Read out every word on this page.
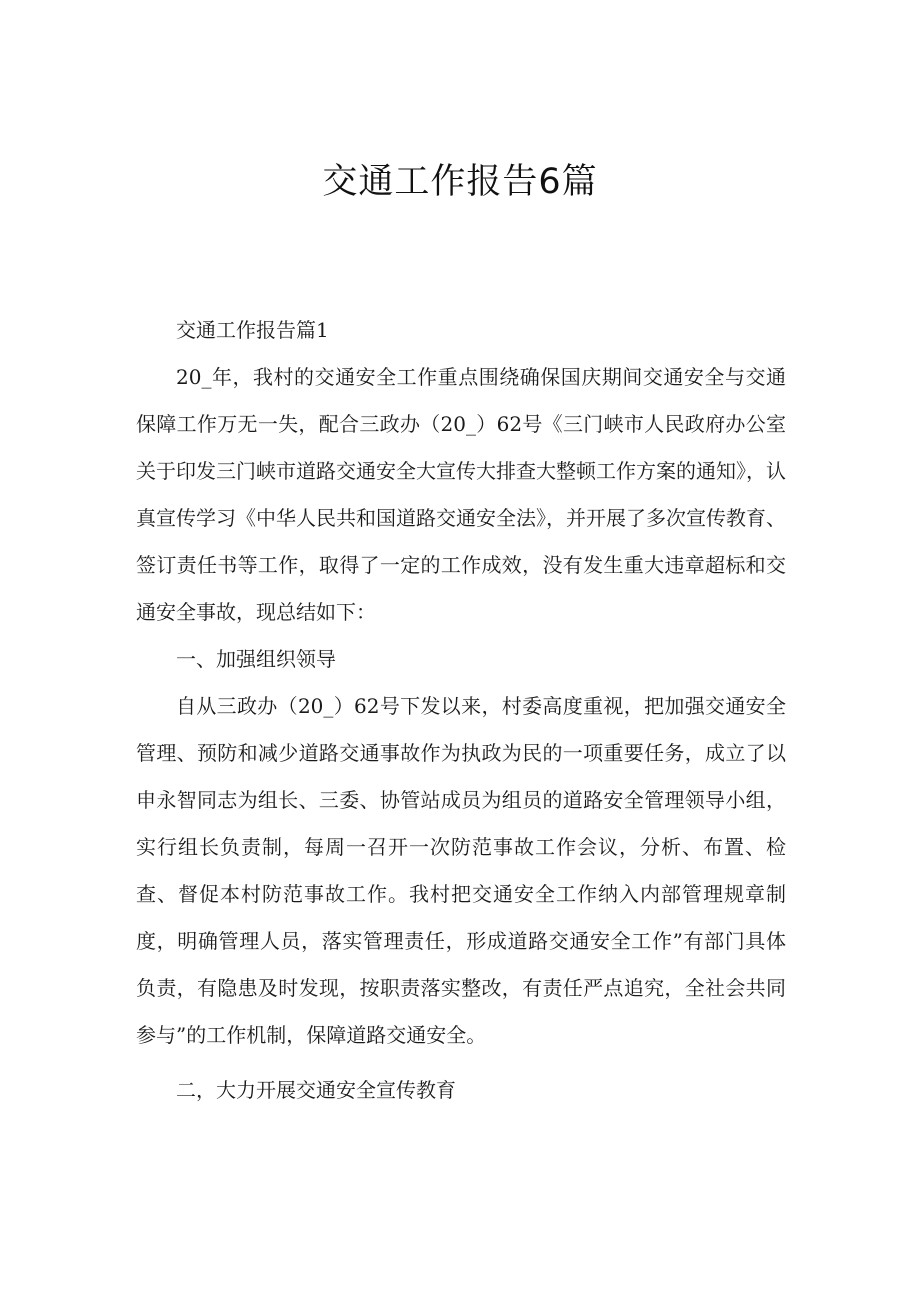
交通工作报告6篇

交通工作报告篇1

20_年，我村的交通安全工作重点围绕确保国庆期间交通安全与交通保障工作万无一失，配合三政办（20_）62号《三门峡市人民政府办公室关于印发三门峡市道路交通安全大宣传大排查大整顿工作方案的通知》，认真宣传学习《中华人民共和国道路交通安全法》，并开展了多次宣传教育、签订责任书等工作，取得了一定的工作成效，没有发生重大违章超标和交通安全事故，现总结如下：

一、加强组织领导

自从三政办（20_）62号下发以来，村委高度重视，把加强交通安全管理、预防和减少道路交通事故作为执政为民的一项重要任务，成立了以申永智同志为组长、三委、协管站成员为组员的道路安全管理领导小组，实行组长负责制，每周一召开一次防范事故工作会议，分析、布置、检查、督促本村防范事故工作。我村把交通安全工作纳入内部管理规章制度，明确管理人员，落实管理责任，形成道路交通安全工作”有部门具体负责，有隐患及时发现，按职责落实整改，有责任严点追究，全社会共同参与”的工作机制，保障道路交通安全。

二，大力开展交通安全宣传教育
